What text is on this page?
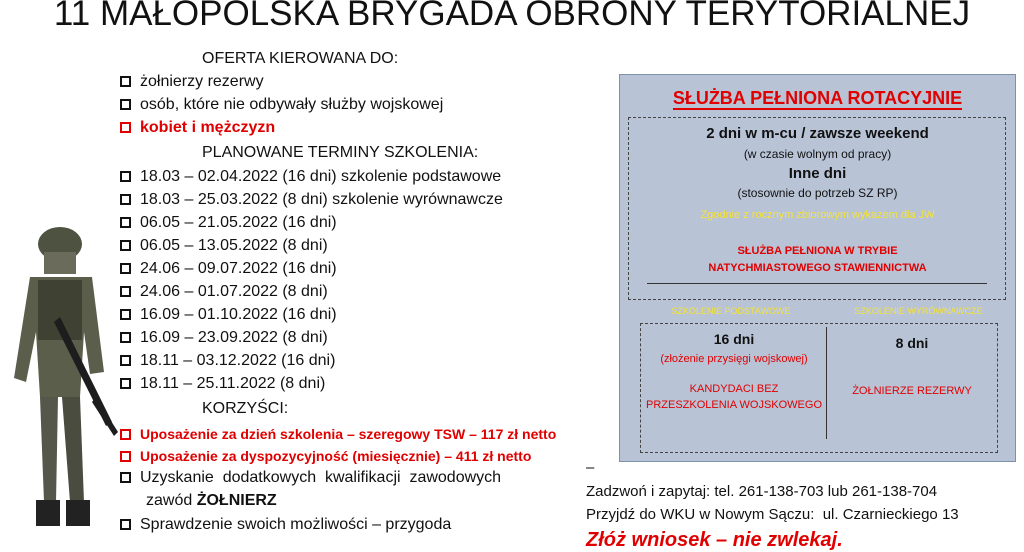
11 MAŁOPOLSKA BRYGADA OBRONY TERYTORIALNEJ
OFERTA KIEROWANA DO:
żołnierzy rezerwy
osób, które nie odbywały służby wojskowej
kobiet i mężczyzn
PLANOWANE TERMINY SZKOLENIA:
18.03 – 02.04.2022 (16 dni) szkolenie podstawowe
18.03 – 25.03.2022 (8 dni) szkolenie wyrównawcze
06.05 – 21.05.2022 (16 dni)
06.05 – 13.05.2022 (8 dni)
24.06 – 09.07.2022 (16 dni)
24.06 – 01.07.2022 (8 dni)
16.09 – 01.10.2022 (16 dni)
16.09 – 23.09.2022 (8 dni)
18.11 – 03.12.2022 (16 dni)
18.11 – 25.11.2022 (8 dni)
KORZYŚCI:
Uposażenie za dzień szkolenia – szeregowy TSW – 117 zł netto
Uposażenie za dyspozycyjność (miesięcznie) – 411 zł netto
Uzyskanie  dodatkowych  kwalifikacji  zawodowych
zawód ŻOŁNIERZ
Sprawdzenie swoich możliwości – przygoda
SŁUŻBA PEŁNIONA ROTACYJNIE
2 dni w m-cu / zawsze weekend
(w czasie wolnym od pracy)
Inne dni
(stosownie do potrzeb SZ RP)
Zgodnie z rocznym zbiorowym wykazem dla JW
SŁUŻBA PEŁNIONA W TRYBIE
NATYCHMIASTOWEGO STAWIENNICTWA
SZKOLENIE PODSTAWOWE	SZKOLENIE WYRÓWNAWCZE
16 dni
(złożenie przysięgi wojskowej)
KANDYDACI BEZ
PRZESZKOLENIA WOJSKOWEGO
8 dni
ŻOŁNIERZE REZERWY
–
Zadzwoń i zapytaj: tel. 261-138-703 lub 261-138-704
Przyjdź do WKU w Nowym Sączu:  ul. Czarnieckiego 13
Złóż wniosek – nie zwlekaj.
